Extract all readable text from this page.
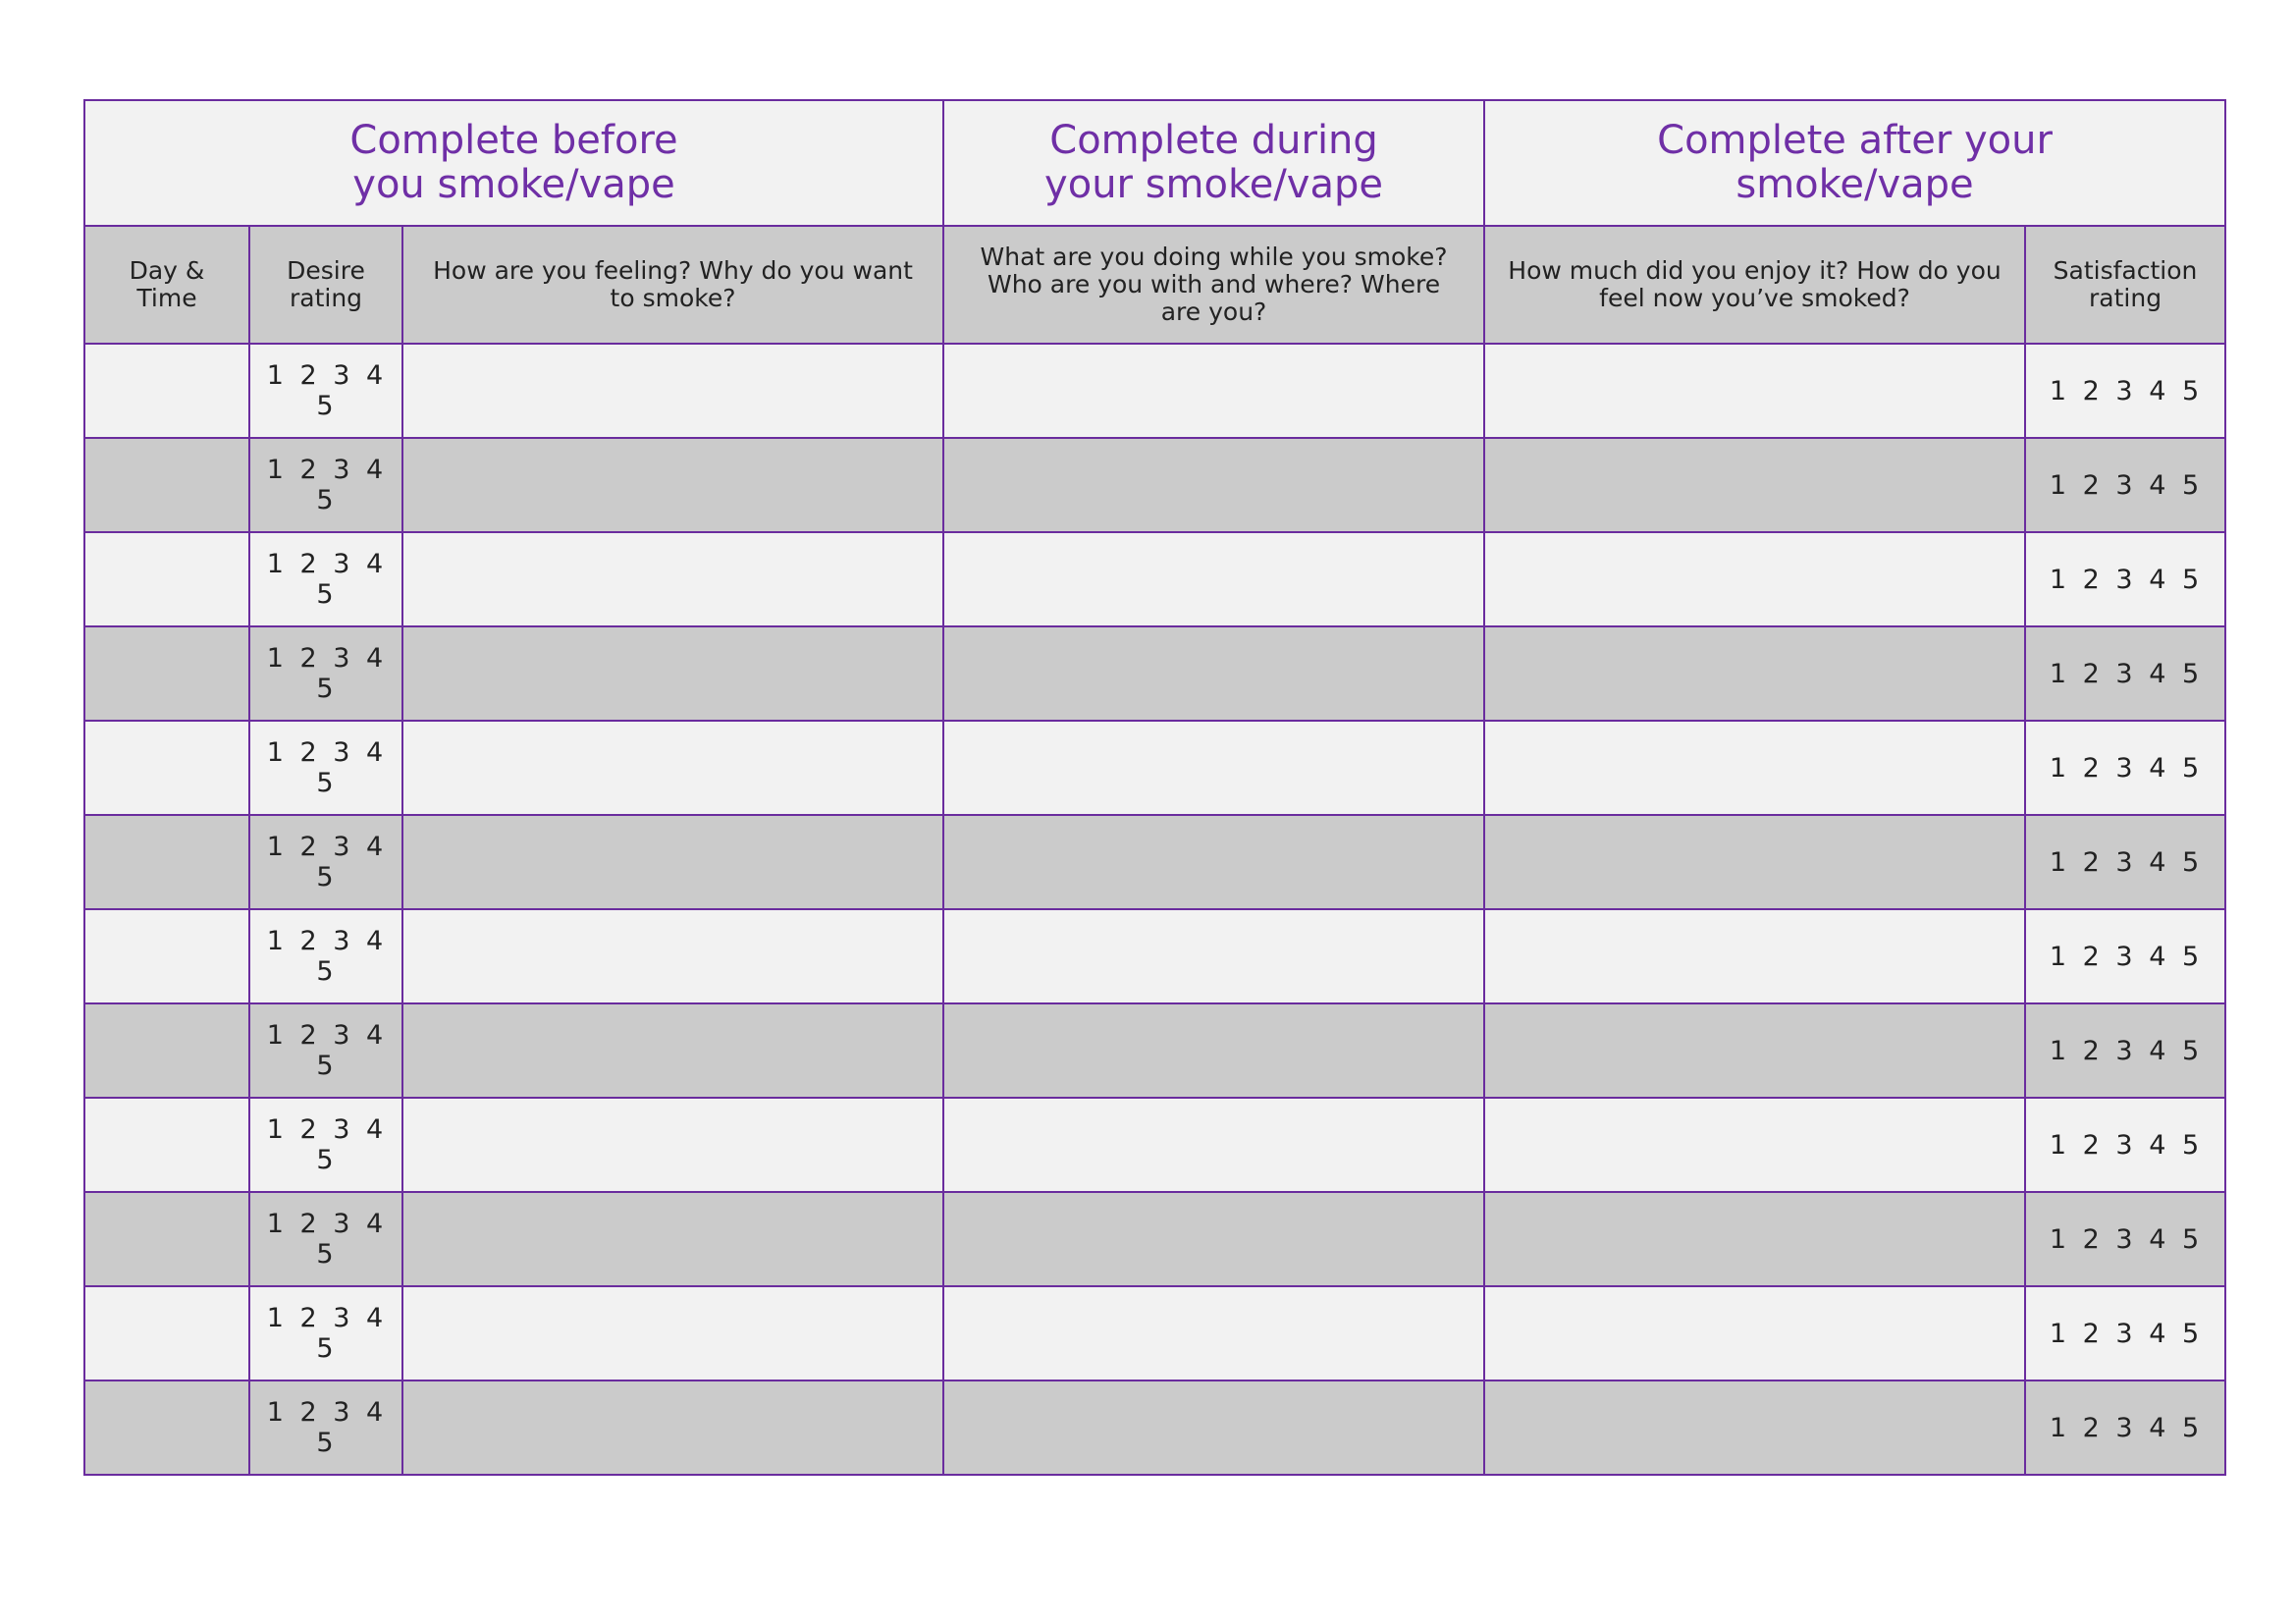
Complete before
you smoke/vape			Complete during
your smoke/vape	Complete after your
smoke/vape	

Day &
Time	Desire
rating	How are you feeling? Why do you want
to smoke?	What are you doing while you smoke?
Who are you with and where? Where
are you?	How much did you enjoy it? How do you
feel now you’ve smoked?	Satisfaction
rating

	1 2 3 4 5				1 2 3 4 5
	1 2 3 4 5				1 2 3 4 5
	1 2 3 4 5				1 2 3 4 5
	1 2 3 4 5				1 2 3 4 5
	1 2 3 4 5				1 2 3 4 5
	1 2 3 4 5				1 2 3 4 5
	1 2 3 4 5				1 2 3 4 5
	1 2 3 4 5				1 2 3 4 5
	1 2 3 4 5				1 2 3 4 5
	1 2 3 4 5				1 2 3 4 5
	1 2 3 4 5				1 2 3 4 5
	1 2 3 4 5				1 2 3 4 5
